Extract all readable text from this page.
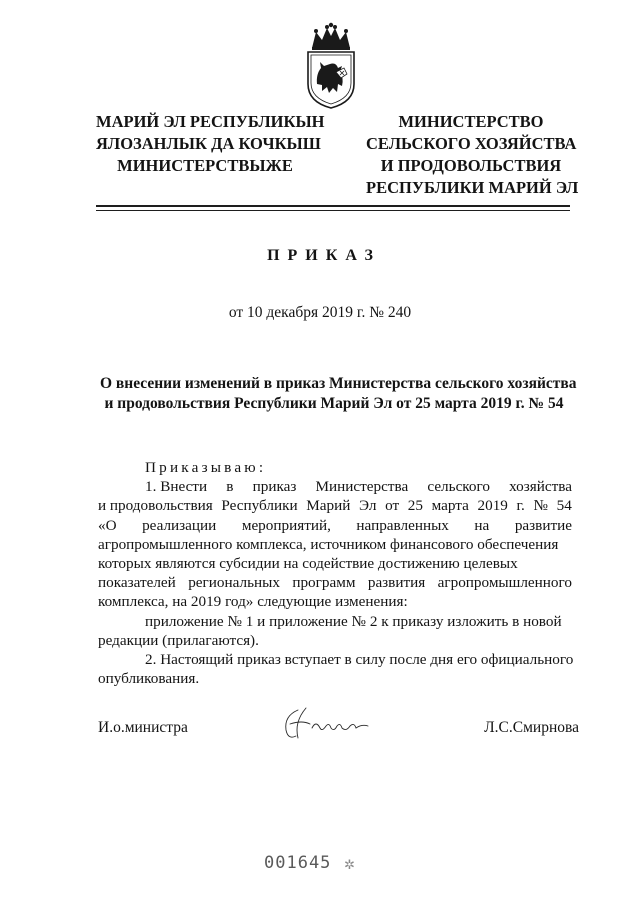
МАРИЙ ЭЛ РЕСПУБЛИКЫН
ЯЛОЗАНЛЫК ДА КОЧКЫШ
МИНИСТЕРСТВЫЖЕ
МИНИСТЕРСТВО
СЕЛЬСКОГО ХОЗЯЙСТВА
И ПРОДОВОЛЬСТВИЯ
РЕСПУБЛИКИ МАРИЙ ЭЛ
ПРИКАЗ
от 10 декабря 2019 г. № 240
О внесении изменений в приказ Министерства сельского хозяйства
и продовольствия Республики Марий Эл от 25 марта 2019 г. № 54
Приказываю:
1. Внести в приказ Министерства сельского хозяйства
и продовольствия Республики Марий Эл от 25 марта 2019 г. № 54
«О реализации мероприятий, направленных на развитие
агропромышленного комплекса, источником финансового обеспечения
которых являются субсидии на содействие достижению целевых
показателей региональных программ развития агропромышленного
комплекса, на 2019 год» следующие изменения:
приложение № 1 и приложение № 2 к приказу изложить в новой
редакции (прилагаются).
2. Настоящий приказ вступает в силу после дня его официального
опубликования.
И.о.министра	Л.С.Смирнова
001645 ✲
